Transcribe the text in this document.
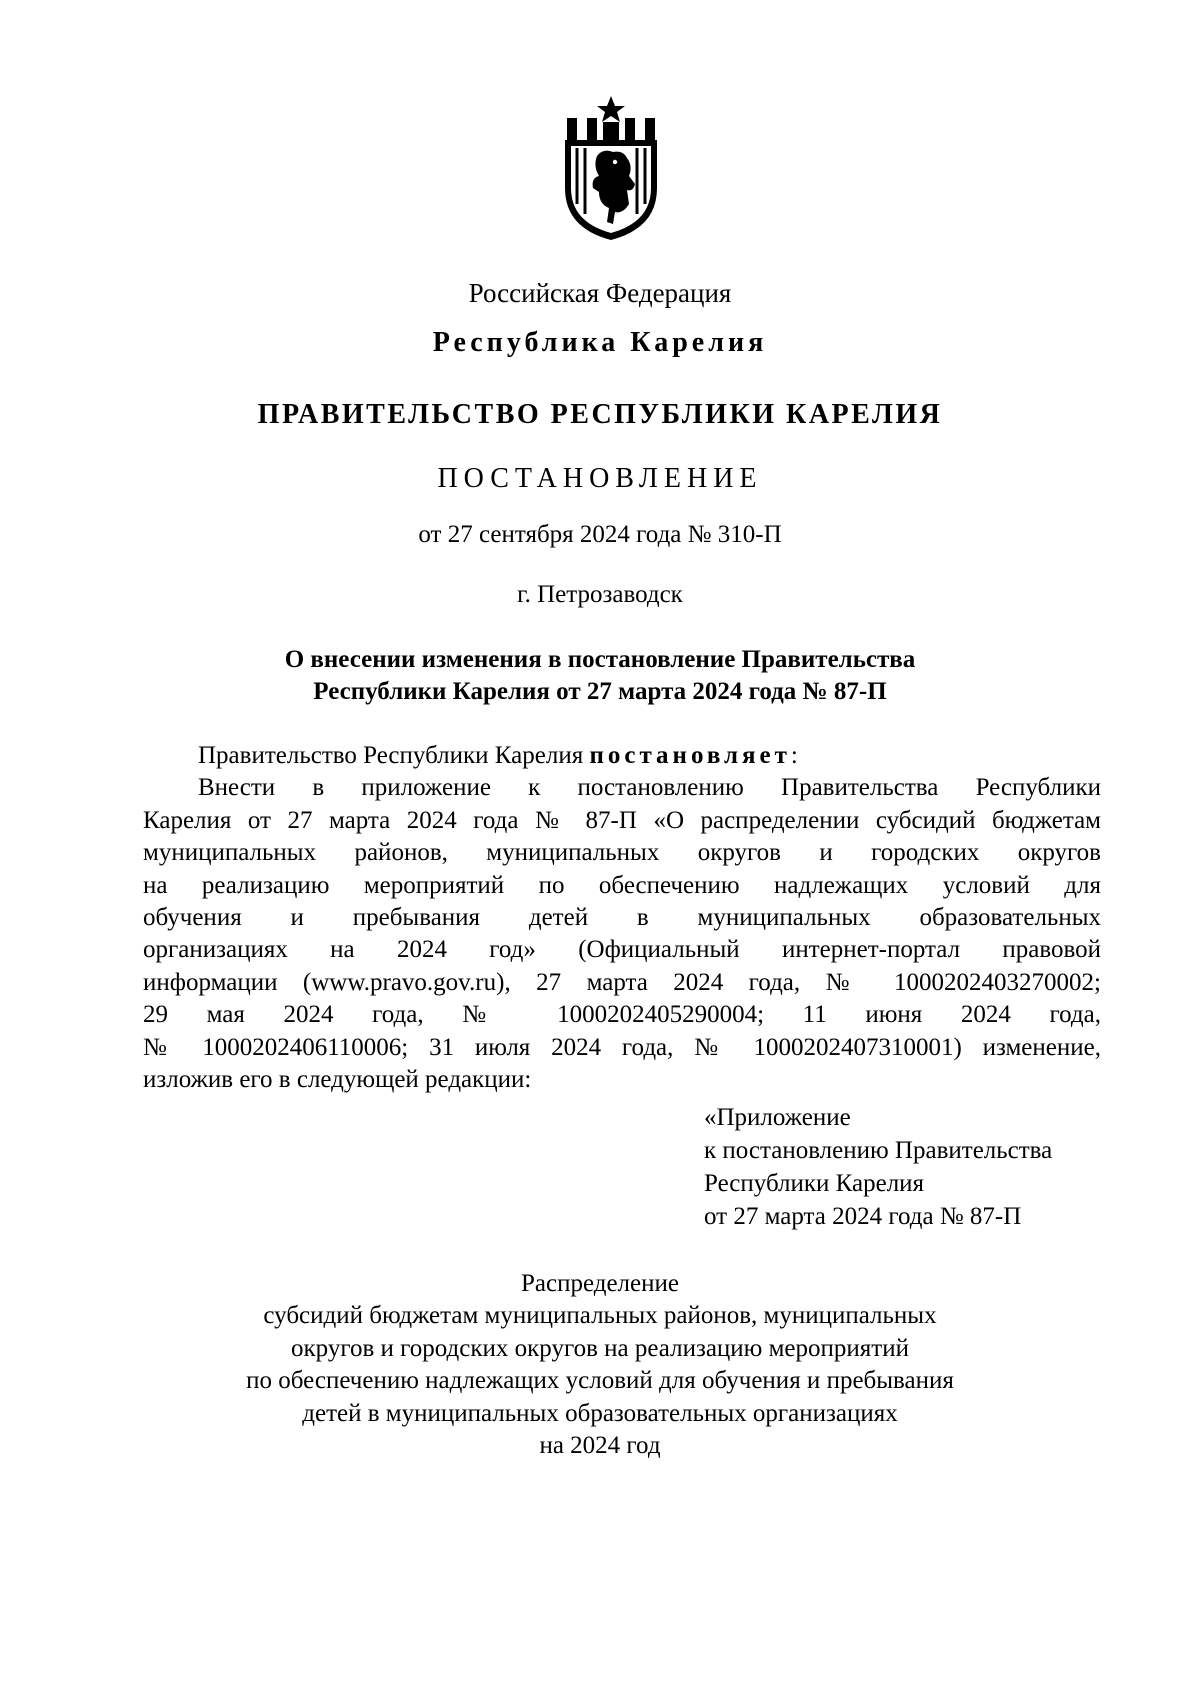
Российская Федерация
Республика Карелия
ПРАВИТЕЛЬСТВО РЕСПУБЛИКИ КАРЕЛИЯ
ПОСТАНОВЛЕНИЕ
от 27 сентября 2024 года № 310-П
г. Петрозаводск
О внесении изменения в постановление Правительства
Республики Карелия от 27 марта 2024 года № 87-П
Правительство Республики Карелия постановляет:
Внести в приложение к постановлению Правительства Республики
Карелия от 27 марта 2024 года № 87-П «О распределении субсидий бюджетам
муниципальных районов, муниципальных округов и городских округов
на реализацию мероприятий по обеспечению надлежащих условий для
обучения и пребывания детей в муниципальных образовательных
организациях на 2024 год» (Официальный интернет-портал правовой
информации (www.pravo.gov.ru), 27 марта 2024 года, № 1000202403270002;
29 мая 2024 года, № 1000202405290004; 11 июня 2024 года,
№ 1000202406110006; 31 июля 2024 года, № 1000202407310001) изменение,
изложив его в следующей редакции:
«Приложение
к постановлению Правительства
Республики Карелия
от 27 марта 2024 года № 87-П
Распределение
субсидий бюджетам муниципальных районов, муниципальных
округов и городских округов на реализацию мероприятий
по обеспечению надлежащих условий для обучения и пребывания
детей в муниципальных образовательных организациях
на 2024 год
